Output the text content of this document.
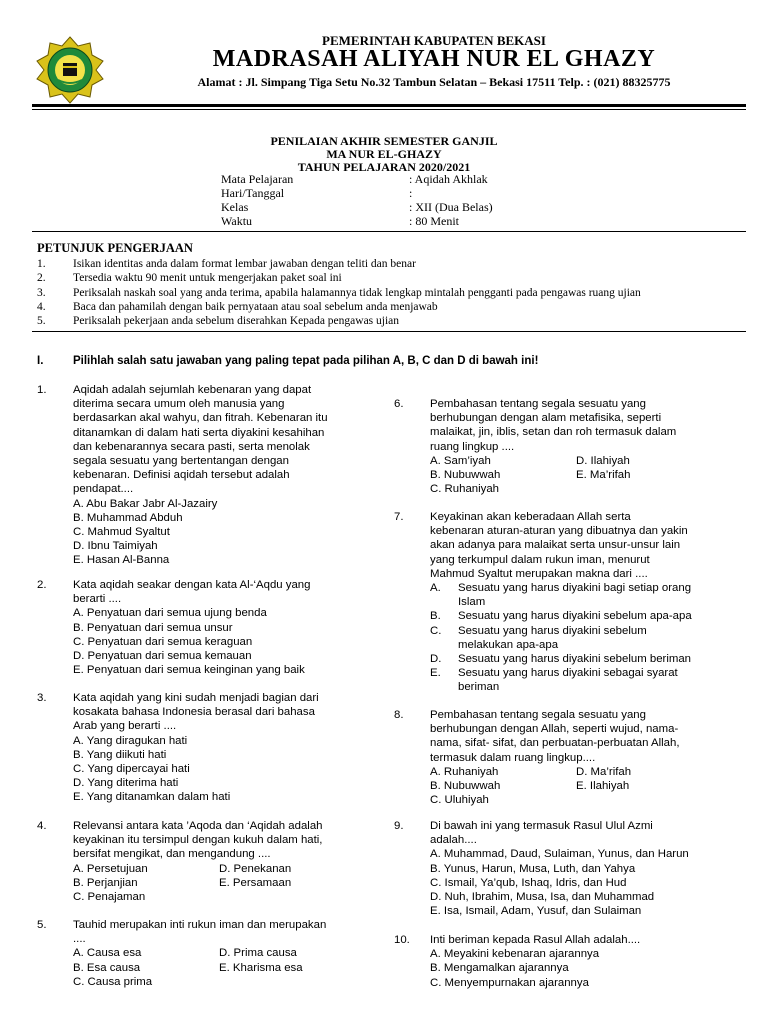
PEMERINTAH KABUPATEN BEKASI
MADRASAH ALIYAH NUR EL GHAZY
Alamat : Jl. Simpang Tiga Setu No.32 Tambun Selatan – Bekasi 17511 Telp. : (021) 88325775
PENILAIAN AKHIR SEMESTER GANJIL
MA NUR EL-GHAZY
TAHUN PELAJARAN 2020/2021
Mata Pelajaran	: Aqidah Akhlak
Hari/Tanggal	:
Kelas	: XII (Dua Belas)
Waktu	: 80 Menit
PETUNJUK PENGERJAAN
1. Isikan identitas anda dalam format lembar jawaban dengan teliti dan benar
2. Tersedia waktu 90 menit untuk mengerjakan paket soal ini
3. Periksalah naskah soal yang anda terima, apabila halamannya tidak lengkap mintalah pengganti pada pengawas ruang ujian
4. Baca dan pahamilah dengan baik pernyataan atau soal sebelum anda menjawab
5. Periksalah pekerjaan anda sebelum diserahkan Kepada pengawas ujian
I.	Pilihlah salah satu jawaban yang paling tepat pada pilihan A, B, C dan D di bawah ini!
1. Aqidah adalah sejumlah kebenaran yang dapat
diterima secara umum oleh manusia yang
berdasarkan akal wahyu, dan fitrah. Kebenaran itu
ditanamkan di dalam hati serta diyakini kesahihan
dan kebenarannya secara pasti, serta menolak
segala sesuatu yang bertentangan dengan
kebenaran. Definisi aqidah tersebut adalah
pendapat....
A. Abu Bakar Jabr Al-Jazairy
B. Muhammad Abduh
C. Mahmud Syaltut
D. Ibnu Taimiyah
E. Hasan Al-Banna
2. Kata aqidah seakar dengan kata Al-‘Aqdu yang
berarti ....
A. Penyatuan dari semua ujung benda
B. Penyatuan dari semua unsur
C. Penyatuan dari semua keraguan
D. Penyatuan dari semua kemauan
E. Penyatuan dari semua keinginan yang baik
3. Kata aqidah yang kini sudah menjadi bagian dari
kosakata bahasa Indonesia berasal dari bahasa
Arab yang berarti ....
A. Yang diragukan hati
B. Yang diikuti hati
C. Yang dipercayai hati
D. Yang diterima hati
E. Yang ditanamkan dalam hati
4. Relevansi antara kata ’Aqoda dan ‘Aqidah adalah
keyakinan itu tersimpul dengan kukuh dalam hati,
bersifat mengikat, dan mengandung ....
A. Persetujuan	D. Penekanan
B. Perjanjian	E. Persamaan
C. Penajaman
5. Tauhid merupakan inti rukun iman dan merupakan
....
A. Causa esa	D. Prima causa
B. Esa causa	E. Kharisma esa
C. Causa prima
6. Pembahasan tentang segala sesuatu yang
berhubungan dengan alam metafisika, seperti
malaikat, jin, iblis, setan dan roh termasuk dalam
ruang lingkup ....
A. Sam’iyah	D. Ilahiyah
B. Nubuwwah	E. Ma’rifah
C. Ruhaniyah
7. Keyakinan akan keberadaan Allah serta
kebenaran aturan-aturan yang dibuatnya dan yakin
akan adanya para malaikat serta unsur-unsur lain
yang terkumpul dalam rukun iman, menurut
Mahmud Syaltut merupakan makna dari ....
A. Sesuatu yang harus diyakini bagi setiap orang
Islam
B. Sesuatu yang harus diyakini sebelum apa-apa
C. Sesuatu yang harus diyakini sebelum
melakukan apa-apa
D. Sesuatu yang harus diyakini sebelum beriman
E. Sesuatu yang harus diyakini sebagai syarat
beriman
8. Pembahasan tentang segala sesuatu yang
berhubungan dengan Allah, seperti wujud, nama-
nama, sifat- sifat, dan perbuatan-perbuatan Allah,
termasuk dalam ruang lingkup....
A. Ruhaniyah	D. Ma’rifah
B. Nubuwwah	E. Ilahiyah
C. Uluhiyah
9. Di bawah ini yang termasuk Rasul Ulul Azmi
adalah....
A. Muhammad, Daud, Sulaiman, Yunus, dan Harun
B. Yunus, Harun, Musa, Luth, dan Yahya
C. Ismail, Ya’qub, Ishaq, Idris, dan Hud
D. Nuh, Ibrahim, Musa, Isa, dan Muhammad
E. Isa, Ismail, Adam, Yusuf, dan Sulaiman
10. Inti beriman kepada Rasul Allah adalah....
A. Meyakini kebenaran ajarannya
B. Mengamalkan ajarannya
C. Menyempurnakan ajarannya
